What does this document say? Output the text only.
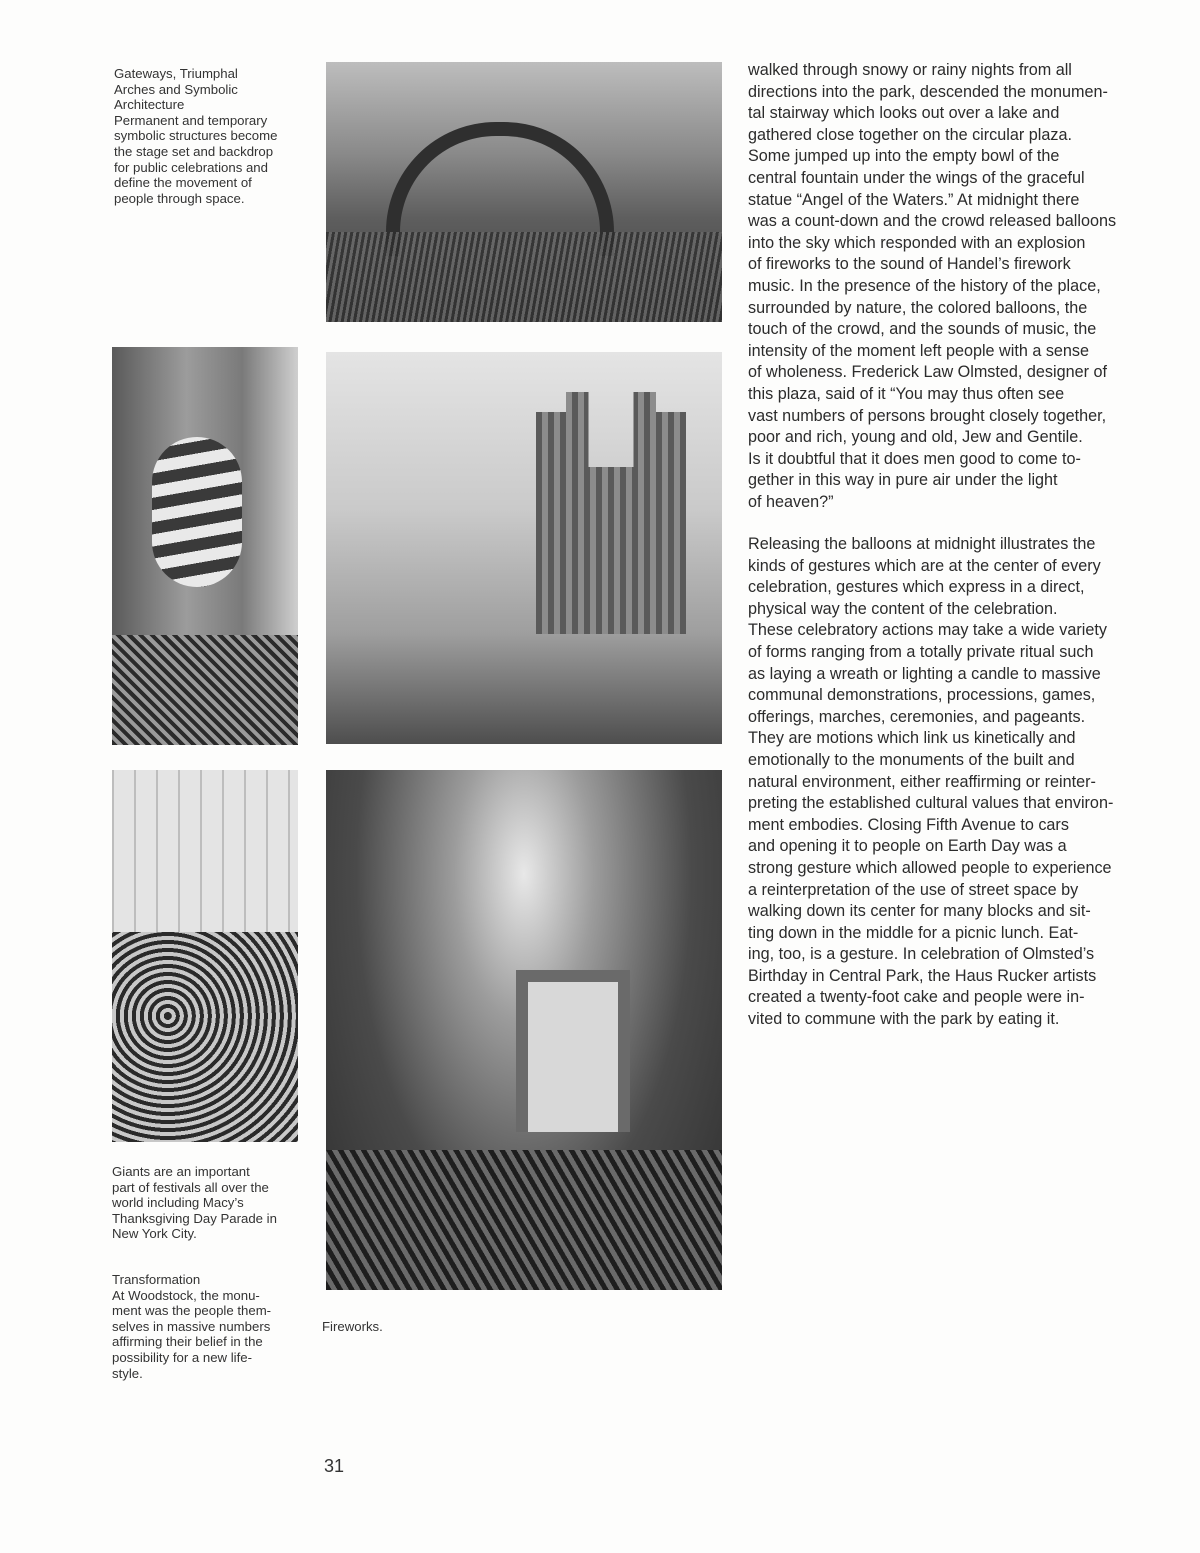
Gateways, Triumphal
Arches and Symbolic
Architecture
Permanent and temporary
symbolic structures become
the stage set and backdrop
for public celebrations and
define the movement of
people through space.
Giants are an important
part of festivals all over the
world including Macy’s
Thanksgiving Day Parade in
New York City.
Transformation
At Woodstock, the monu-
ment was the people them-
selves in massive numbers
affirming their belief in the
possibility for a new life-
style.
Fireworks.
walked through snowy or rainy nights from all
directions into the park, descended the monumen-
tal stairway which looks out over a lake and
gathered close together on the circular plaza.
Some jumped up into the empty bowl of the
central fountain under the wings of the graceful
statue “Angel of the Waters.” At midnight there
was a count-down and the crowd released balloons
into the sky which responded with an explosion
of fireworks to the sound of Handel’s firework
music. In the presence of the history of the place,
surrounded by nature, the colored balloons, the
touch of the crowd, and the sounds of music, the
intensity of the moment left people with a sense
of wholeness. Frederick Law Olmsted, designer of
this plaza, said of it “You may thus often see
vast numbers of persons brought closely together,
poor and rich, young and old, Jew and Gentile.
Is it doubtful that it does men good to come to-
gether in this way in pure air under the light
of heaven?”
Releasing the balloons at midnight illustrates the
kinds of gestures which are at the center of every
celebration, gestures which express in a direct,
physical way the content of the celebration.
These celebratory actions may take a wide variety
of forms ranging from a totally private ritual such
as laying a wreath or lighting a candle to massive
communal demonstrations, processions, games,
offerings, marches, ceremonies, and pageants.
They are motions which link us kinetically and
emotionally to the monuments of the built and
natural environment, either reaffirming or reinter-
preting the established cultural values that environ-
ment embodies. Closing Fifth Avenue to cars
and opening it to people on Earth Day was a
strong gesture which allowed people to experience
a reinterpretation of the use of street space by
walking down its center for many blocks and sit-
ting down in the middle for a picnic lunch. Eat-
ing, too, is a gesture. In celebration of Olmsted’s
Birthday in Central Park, the Haus Rucker artists
created a twenty-foot cake and people were in-
vited to commune with the park by eating it.
31
